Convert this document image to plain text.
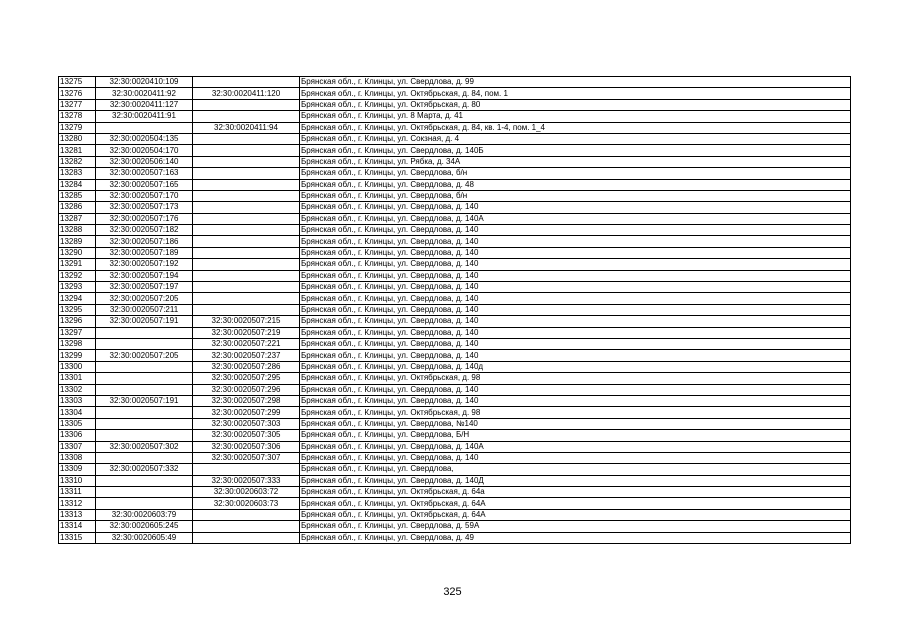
13275	32:30:0020410:109		Брянская обл., г. Клинцы, ул. Свердлова, д. 99
13276	32:30:0020411:92	32:30:0020411:120	Брянская обл., г. Клинцы, ул. Октябрьская, д. 84, пом. 1
13277	32:30:0020411:127		Брянская обл., г. Клинцы, ул. Октябрьская, д. 80
13278	32:30:0020411:91		Брянская обл., г. Клинцы, ул. 8 Марта, д. 41
13279		32:30:0020411:94	Брянская обл., г. Клинцы, ул. Октябрьская, д. 84, кв. 1-4, пом. 1_4
13280	32:30:0020504:135		Брянская обл., г. Клинцы, ул. Сокзная, д. 4
13281	32:30:0020504:170		Брянская обл., г. Клинцы, ул. Свердлова, д. 140Б
13282	32:30:0020506:140		Брянская обл., г. Клинцы, ул. Рябка, д. 34А
13283	32:30:0020507:163		Брянская обл., г. Клинцы, ул. Свердлова, б/н
13284	32:30:0020507:165		Брянская обл., г. Клинцы, ул. Свердлова, д. 48
13285	32:30:0020507:170		Брянская обл., г. Клинцы, ул. Свердлова, б/н
13286	32:30:0020507:173		Брянская обл., г. Клинцы, ул. Свердлова, д. 140
13287	32:30:0020507:176		Брянская обл., г. Клинцы, ул. Свердлова, д. 140А
13288	32:30:0020507:182		Брянская обл., г. Клинцы, ул. Свердлова, д. 140
13289	32:30:0020507:186		Брянская обл., г. Клинцы, ул. Свердлова, д. 140
13290	32:30:0020507:189		Брянская обл., г. Клинцы, ул. Свердлова, д. 140
13291	32:30:0020507:192		Брянская обл., г. Клинцы, ул. Свердлова, д. 140
13292	32:30:0020507:194		Брянская обл., г. Клинцы, ул. Свердлова, д. 140
13293	32:30:0020507:197		Брянская обл., г. Клинцы, ул. Свердлова, д. 140
13294	32:30:0020507:205		Брянская обл., г. Клинцы, ул. Свердлова, д. 140
13295	32:30:0020507:211		Брянская обл., г. Клинцы, ул. Свердлова, д. 140
13296	32:30:0020507:191	32:30:0020507:215	Брянская обл., г. Клинцы, ул. Свердлова, д. 140
13297		32:30:0020507:219	Брянская обл., г. Клинцы, ул. Свердлова, д. 140
13298		32:30:0020507:221	Брянская обл., г. Клинцы, ул. Свердлова, д. 140
13299	32:30:0020507:205	32:30:0020507:237	Брянская обл., г. Клинцы, ул. Свердлова, д. 140
13300		32:30:0020507:286	Брянская обл., г. Клинцы, ул. Свердлова, д. 140д
13301		32:30:0020507:295	Брянская обл., г. Клинцы, ул. Октябрьская, д. 98
13302		32:30:0020507:296	Брянская обл., г. Клинцы, ул. Свердлова, д. 140
13303	32:30:0020507:191	32:30:0020507:298	Брянская обл., г. Клинцы, ул. Свердлова, д. 140
13304		32:30:0020507:299	Брянская обл., г. Клинцы, ул. Октябрьская, д. 98
13305		32:30:0020507:303	Брянская обл., г. Клинцы, ул. Свердлова, №140
13306		32:30:0020507:305	Брянская обл., г. Клинцы, ул. Свердлова, Б/Н
13307	32:30:0020507:302	32:30:0020507:306	Брянская обл., г. Клинцы, ул. Свердлова, д. 140А
13308		32:30:0020507:307	Брянская обл., г. Клинцы, ул. Свердлова, д. 140
13309	32:30:0020507:332		Брянская обл., г. Клинцы, ул. Свердлова,
13310		32:30:0020507:333	Брянская обл., г. Клинцы, ул. Свердлова, д. 140Д
13311		32:30:0020603:72	Брянская обл., г. Клинцы, ул. Октябрьская, д. 64а
13312		32:30:0020603:73	Брянская обл., г. Клинцы, ул. Октябрьская, д. 64А
13313	32:30:0020603:79		Брянская обл., г. Клинцы, ул. Октябрьская, д. 64А
13314	32:30:0020605:245		Брянская обл., г. Клинцы, ул. Свердлова, д. 59А
13315	32:30:0020605:49		Брянская обл., г. Клинцы, ул. Свердлова, д. 49
325
